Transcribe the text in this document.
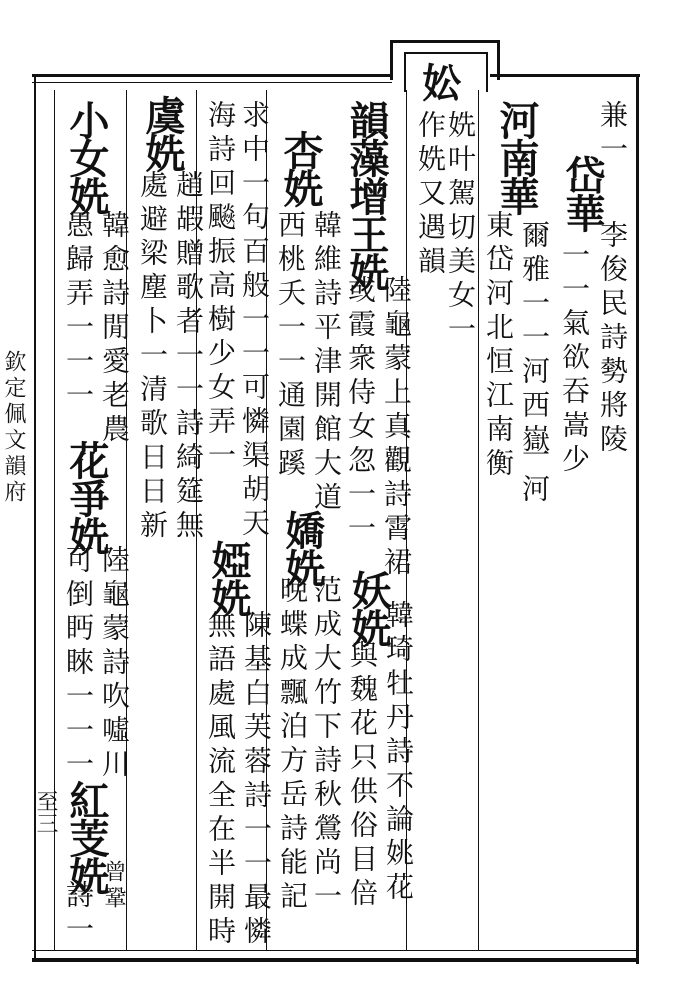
妐
姺叶駕切美女一
作姺又遇韻	兼一
岱華
李俊民詩勢將陵
一一氣欲吞嵩少
河南華
爾雅一一河西嶽
東岱河北恒江南衡 一河
韻藻增王姺
陸龜蒙上真觀詩霄裙
或霞衆侍女忽一一
妖姺
韓琦牡丹詩不論姚花
與魏花只供俗目倍
杏姺
韓維詩平津開館大道
西桃夭一一通園蹊
嬌姺
范成大竹下詩秋鶯尚一
晚蝶成飄泊方岳詩能記
求中一句百般一一可憐渠胡天
海詩回飈振高樹少女弄一
婭姺
陳基白芙蓉詩一一最憐
無語處風流全在半開時
虞姺
趙嘏贈歌者一一詩綺筵無
處避梁塵卜一清歌日日新
小女姺
韓愈詩閒愛老農
愚歸弄一一一
花爭姺
陸龜蒙詩吹噓川
可倒眄睞一一一
紅芰姺
曾鞏
詩一
欽定佩文韻府
至三
